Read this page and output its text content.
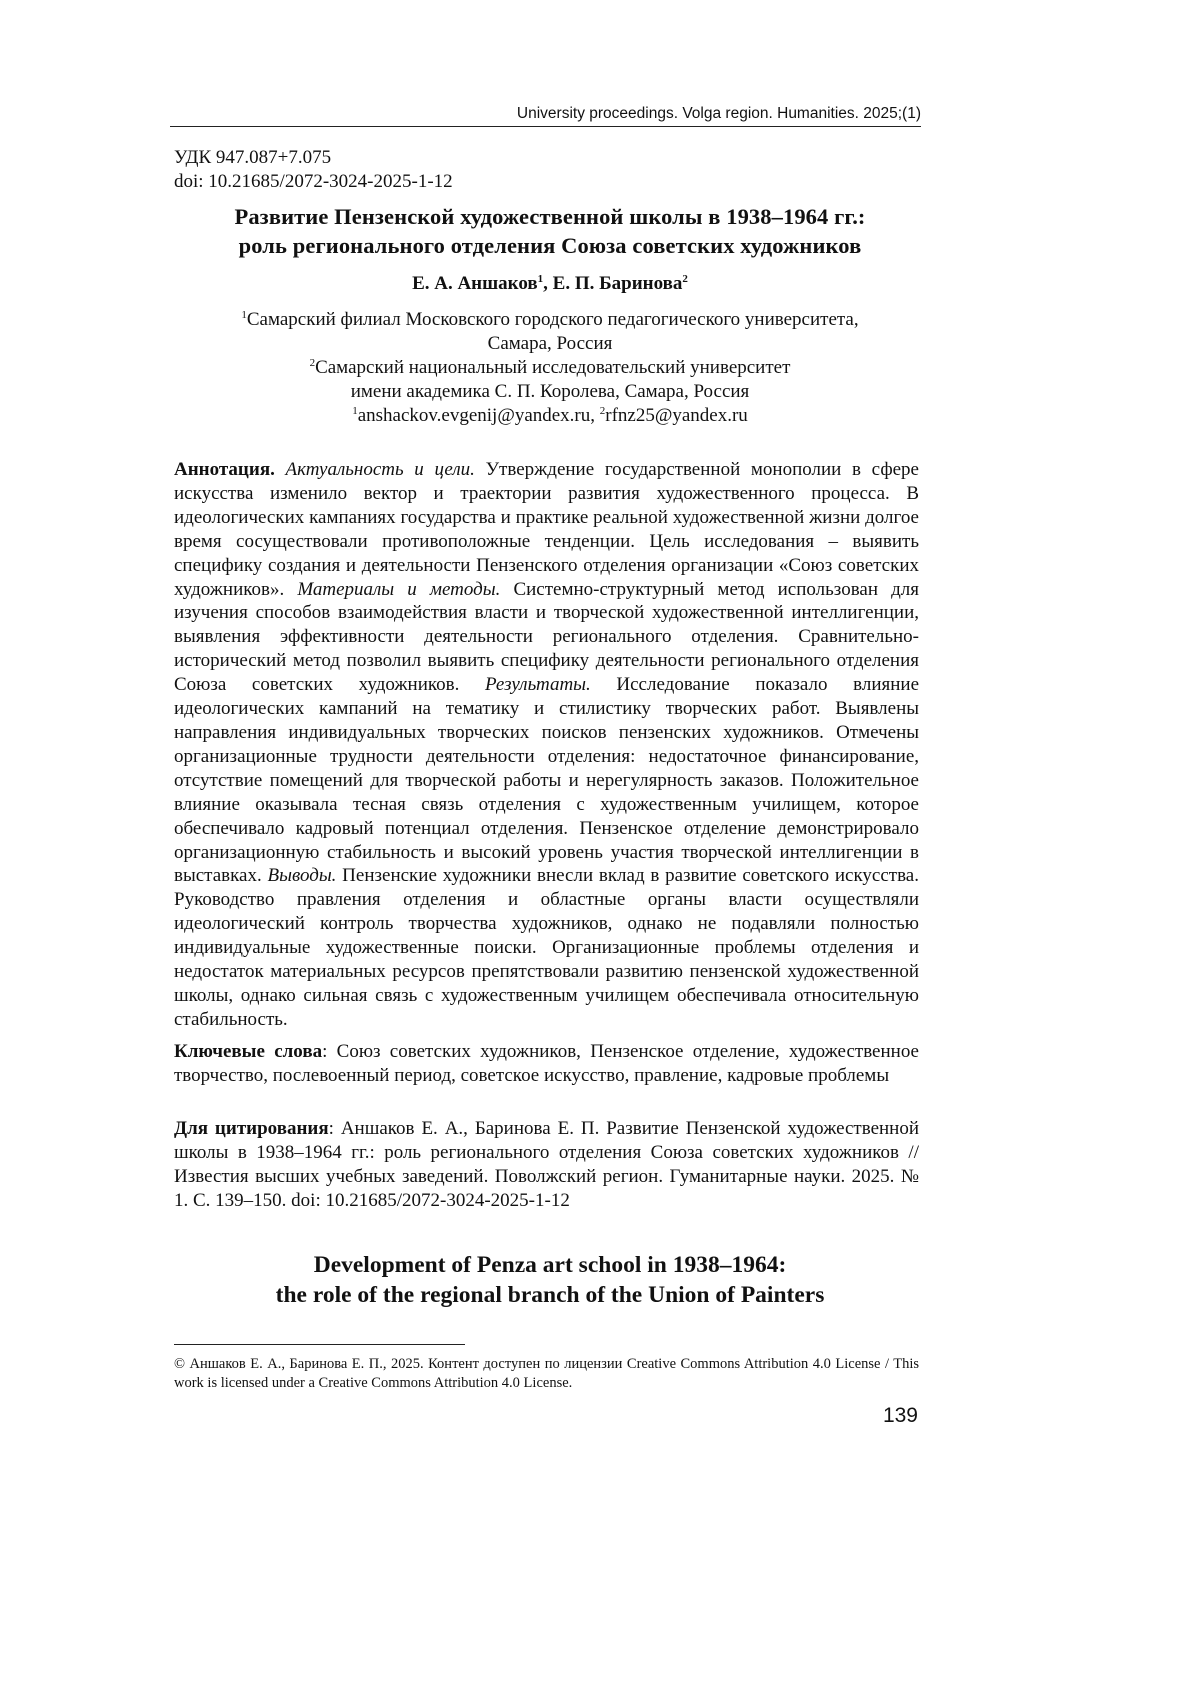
University proceedings. Volga region. Humanities. 2025;(1)
УДК 947.087+7.075
doi: 10.21685/2072-3024-2025-1-12
Развитие Пензенской художественной школы в 1938–1964 гг.:
роль регионального отделения Союза советских художников
Е. А. Аншаков$^1$, Е. П. Баринова$^2$
$^1$Самарский филиал Московского городского педагогического университета,
Самара, Россия
$^2$Самарский национальный исследовательский университет
имени академика С. П. Королева, Самара, Россия
$^1$anshackov.evgenij@yandex.ru, $^2$rfnz25@yandex.ru
Аннотация. Актуальность и цели. Утверждение государственной монополии в сфере искусства изменило вектор и траектории развития художественного процесса. В идеологических кампаниях государства и практике реальной художественной жизни долгое время сосуществовали противоположные тенденции. Цель исследования – выявить специфику создания и деятельности Пензенского отделения организации «Союз советских художников». Материалы и методы. Системно-структурный метод использован для изучения способов взаимодействия власти и творческой художественной интеллигенции, выявления эффективности деятельности регионального отделения. Сравнительно-исторический метод позволил выявить специфику деятельности регионального отделения Союза советских художников. Результаты. Исследование показало влияние идеологических кампаний на тематику и стилистику творческих работ. Выявлены направления индивидуальных творческих поисков пензенских художников. Отмечены организационные трудности деятельности отделения: недостаточное финансирование, отсутствие помещений для творческой работы и нерегулярность заказов. Положительное влияние оказывала тесная связь отделения с художественным училищем, которое обеспечивало кадровый потенциал отделения. Пензенское отделение демонстрировало организационную стабильность и высокий уровень участия творческой интеллигенции в выставках. Выводы. Пензенские художники внесли вклад в развитие советского искусства. Руководство правления отделения и областные органы власти осуществляли идеологический контроль творчества художников, однако не подавляли полностью индивидуальные художественные поиски. Организационные проблемы отделения и недостаток материальных ресурсов препятствовали развитию пензенской художественной школы, однако сильная связь с художественным училищем обеспечивала относительную стабильность.
Ключевые слова: Союз советских художников, Пензенское отделение, художественное творчество, послевоенный период, советское искусство, правление, кадровые проблемы
Для цитирования: Аншаков Е. А., Баринова Е. П. Развитие Пензенской художественной школы в 1938–1964 гг.: роль регионального отделения Союза советских художников // Известия высших учебных заведений. Поволжский регион. Гуманитарные науки. 2025. № 1. С. 139–150. doi: 10.21685/2072-3024-2025-1-12
Development of Penza art school in 1938–1964:
the role of the regional branch of the Union of Painters
© Аншаков Е. А., Баринова Е. П., 2025. Контент доступен по лицензии Creative Commons Attribution 4.0 License / This work is licensed under a Creative Commons Attribution 4.0 License.
139
